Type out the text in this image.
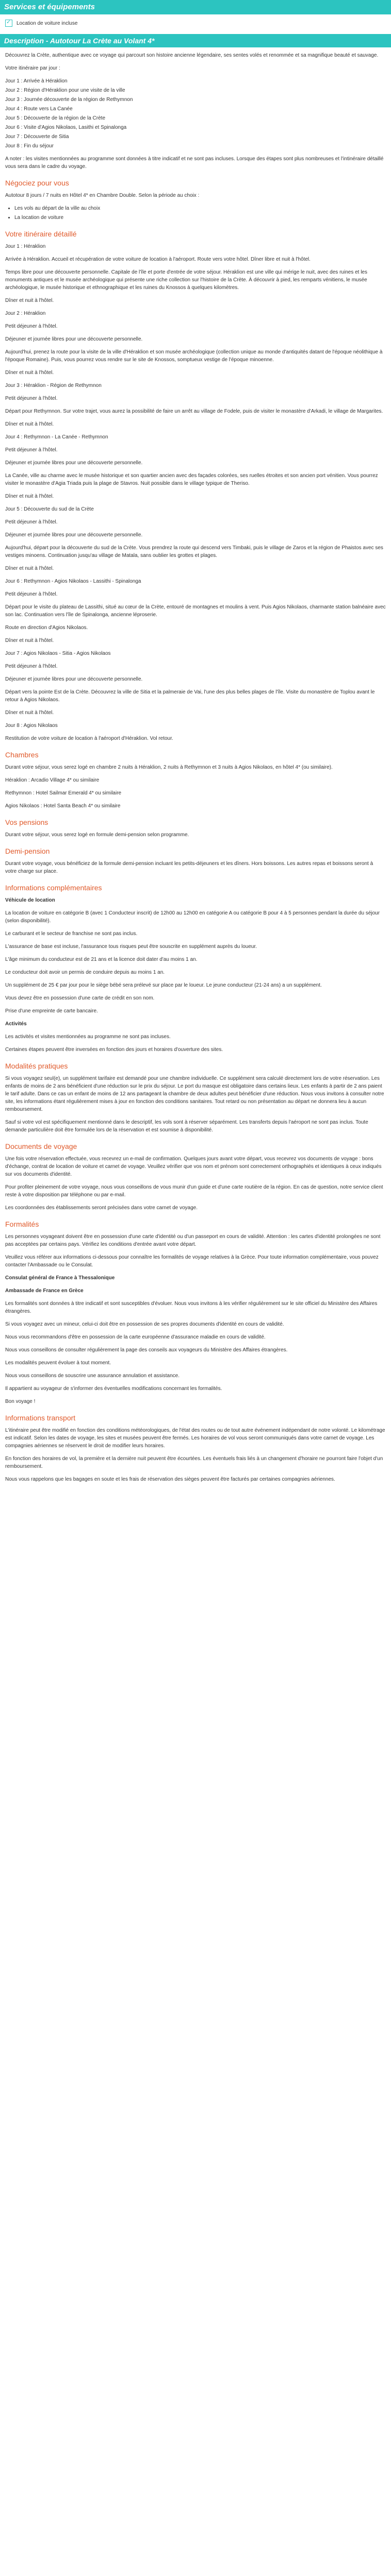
Services et équipements
✓
Location de voiture incluse
Description - Autotour La Crète au Volant 4*

Découvrez la Crète, authentique avec ce voyage qui parcourt son histoire ancienne légendaire, ses sentes volés et renommée et sa magnifique beauté et sauvage.

Votre itinéraire par jour :

Jour 1 : Arrivée à Héraklion
Jour 2 : Région d'Héraklion pour une visite de la ville
Jour 3 : Journée découverte de la région de Rethymnon
Jour 4 : Route vers La Canée
Jour 5 : Découverte de la région de la Crète
Jour 6 : Visite d'Agios Nikolaos, Lasithi et Spinalonga
Jour 7 : Découverte de Sitia
Jour 8 : Fin du séjour

A noter : les visites mentionnées au programme sont données à titre indicatif et ne sont pas incluses. Lorsque des étapes sont plus nombreuses et l'intinéraire détaillé vous sera dans le cadre du voyage.

Négociez pour vous

Autotour 8 jours / 7 nuits en Hôtel 4* en Chambre Double. Selon la période au choix :

• Les vols au départ de la ville au choix
• La location de voiture
Votre itinéraire détaillé

Jour 1 : Héraklion

Arrivée à Héraklion. Accueil et récupération de votre voiture de location à l'aéroport. Route vers votre hôtel. Dîner libre et nuit à l'hôtel.

Temps libre pour une découverte personnelle. Capitale de l'île et porte d'entrée de votre séjour. Héraklion est une ville qui mérige le nuit, avec des ruines et les monuments antiques et le musée archéologique qui présente une riche collection sur l'histoire de la Crète. À découvrir à pied, les remparts vénitiens, le musée archéologique, le musée historique et ethnographique et les ruines du Knossos à quelques kilomètres.

Dîner et nuit à l'hôtel.

Jour 2 : Héraklion

Petit déjeuner à l'hôtel.

Déjeuner et journée libres pour une découverte personnelle.

Aujourd'hui, prenez la route pour la visite de la ville d'Héraklion et son musée archéologique (collection unique au monde d'antiquités datant de l'époque néolithique à l'époque Romaine). Puis, vous pourrez vous rendre sur le site de Knossos, somptueux vestige de l'époque minoenne.

Dîner et nuit à l'hôtel.

Jour 3 : Héraklion - Région de Rethymnon

Petit déjeuner à l'hôtel.

Départ pour Rethymnon. Sur votre trajet, vous aurez la possibilité de faire un arrêt au village de Fodele, puis de visiter le monastère d'Arkadi, le village de Margarites.

Dîner et nuit à l'hôtel.

Jour 4 : Rethymnon - La Canée - Rethymnon

Petit déjeuner à l'hôtel.

Déjeuner et journée libres pour une découverte personnelle.

La Canée, ville au charme avec le musée historique et son quartier ancien avec des façades colorées, ses ruelles étroites et son ancien port vénitien. Vous pourrez visiter le monastère d'Agia Triada puis la plage de Stavros. Nuit possible dans le village typique de Theriso.

Dîner et nuit à l'hôtel.

Jour 5 : Découverte du sud de la Crète

Petit déjeuner à l'hôtel.

Déjeuner et journée libres pour une découverte personnelle.

Aujourd'hui, départ pour la découverte du sud de la Crète. Vous prendrez la route qui descend vers Timbaki, puis le village de Zaros et la région de Phaistos avec ses vestiges minoens. Continuation jusqu'au village de Matala, sans oublier les grottes et plages.

Dîner et nuit à l'hôtel.

Jour 6 : Rethymnon - Agios Nikolaos - Lassithi - Spinalonga

Petit déjeuner à l'hôtel.

Départ pour le visite du plateau de Lassithi, situé au cœur de la Crète, entouré de montagnes et moulins à vent. Puis Agios Nikolaos, charmante station balnéaire avec son lac. Continuation vers l'île de Spinalonga, ancienne léproserie.

Route en direction d'Agios Nikolaos.

Dîner et nuit à l'hôtel.

Jour 7 : Agios Nikolaos - Sitia - Agios Nikolaos

Petit déjeuner à l'hôtel.

Déjeuner et journée libres pour une découverte personnelle.

Départ vers la pointe Est de la Crète. Découvrez la ville de Sitia et la palmeraie de Vai, l'une des plus belles plages de l'île. Visite du monastère de Toplou avant le retour à Agios Nikolaos.

Dîner et nuit à l'hôtel.

Jour 8 : Agios Nikolaos

Restitution de votre voiture de location à l'aéroport d'Héraklion. Vol retour.

Chambres

Durant votre séjour, vous serez logé en chambre 2 nuits à Héraklion, 2 nuits à Rethymnon et 3 nuits à Agios Nikolaos, en hôtel 4* (ou similaire).

Héraklion : Arcadio Village 4* ou similaire

Rethymnon : Hotel Sailmar Emerald 4* ou similaire

Agios Nikolaos : Hotel Santa Beach 4* ou similaire

Vos pensions

Durant votre séjour, vous serez logé en formule demi-pension selon programme.

Demi-pension

Durant votre voyage, vous bénéficiez de la formule demi-pension incluant les petits-déjeuners et les dîners. Hors boissons. Les autres repas et boissons seront à votre charge sur place.

Informations complémentaires

Véhicule de location

La location de voiture en catégorie B (avec 1 Conducteur inscrit) de 12h00 au 12h00 en catégorie A ou catégorie B pour 4 à 5 personnes pendant la durée du séjour (selon disponibilité).

Le carburant et le secteur de franchise ne sont pas inclus.

L'assurance de base est incluse, l'assurance tous risques peut être souscrite en supplément auprès du loueur.

L'âge minimum du conducteur est de 21 ans et la licence doit dater d'au moins 1 an.

Le conducteur doit avoir un permis de conduire depuis au moins 1 an.

Un supplément de 25 € par jour pour le siège bébé sera prélevé sur place par le loueur. Le jeune conducteur (21-24 ans) a un supplément.

Vous devez être en possession d'une carte de crédit en son nom.

Prise d'une empreinte de carte bancaire.

Activités

Les activités et visites mentionnées au programme ne sont pas incluses.

Certaines étapes peuvent être inversées en fonction des jours et horaires d'ouverture des sites.

Modalités pratiques

Si vous voyagez seul(e), un supplément tarifaire est demandé pour une chambre individuelle. Ce supplément sera calculé directement lors de votre réservation. Les enfants de moins de 2 ans bénéficient d'une réduction sur le prix du séjour. Le port du masque est obligatoire dans certains lieux. Les enfants à partir de 2 ans paient le tarif adulte. Dans ce cas un enfant de moins de 12 ans partageant la chambre de deux adultes peut bénéficier d'une réduction. Nous vous invitons à consulter notre site, les informations étant régulièrement mises à jour en fonction des conditions sanitaires. Tout retard ou non présentation au départ ne donnera lieu à aucun remboursement.

Sauf si votre vol est spécifiquement mentionné dans le descriptif, les vols sont à réserver séparément. Les transferts depuis l'aéroport ne sont pas inclus. Toute demande particulière doit être formulée lors de la réservation et est soumise à disponibilité.

Documents de voyage

Une fois votre réservation effectuée, vous recevrez un e-mail de confirmation. Quelques jours avant votre départ, vous recevrez vos documents de voyage : bons d'échange, contrat de location de voiture et carnet de voyage. Veuillez vérifier que vos nom et prénom sont correctement orthographiés et identiques à ceux indiqués sur vos documents d'identité.

Pour profiter pleinement de votre voyage, nous vous conseillons de vous munir d'un guide et d'une carte routière de la région. En cas de question, notre service client reste à votre disposition par téléphone ou par e-mail.

Les coordonnées des établissements seront précisées dans votre carnet de voyage.

Formalités

Les personnes voyageant doivent être en possession d'une carte d'identité ou d'un passeport en cours de validité. Attention : les cartes d'identité prolongées ne sont pas acceptées par certains pays. Vérifiez les conditions d'entrée avant votre départ.

Veuillez vous référer aux informations ci-dessous pour connaître les formalités de voyage relatives à la Grèce. Pour toute information complémentaire, vous pouvez contacter l'Ambassade ou le Consulat.

Consulat général de France à Thessalonique

Ambassade de France en Grèce

Les formalités sont données à titre indicatif et sont susceptibles d'évoluer. Nous vous invitons à les vérifier régulièrement sur le site officiel du Ministère des Affaires étrangères.

Si vous voyagez avec un mineur, celui-ci doit être en possession de ses propres documents d'identité en cours de validité.

Nous vous recommandons d'être en possession de la carte européenne d'assurance maladie en cours de validité.

Nous vous conseillons de consulter régulièrement la page des conseils aux voyageurs du Ministère des Affaires étrangères.

Les modalités peuvent évoluer à tout moment.

Nous vous conseillons de souscrire une assurance annulation et assistance.

Il appartient au voyageur de s'informer des éventuelles modifications concernant les formalités.

Bon voyage !

Informations transport

L'itinéraire peut être modifié en fonction des conditions météorologiques, de l'état des routes ou de tout autre événement indépendant de notre volonté. Le kilométrage est indicatif. Selon les dates de voyage, les sites et musées peuvent être fermés. Les horaires de vol vous seront communiqués dans votre carnet de voyage. Les compagnies aériennes se réservent le droit de modifier leurs horaires.

En fonction des horaires de vol, la première et la dernière nuit peuvent être écourtées. Les éventuels frais liés à un changement d'horaire ne pourront faire l'objet d'un remboursement.

Nous vous rappelons que les bagages en soute et les frais de réservation des sièges peuvent être facturés par certaines compagnies aériennes.
